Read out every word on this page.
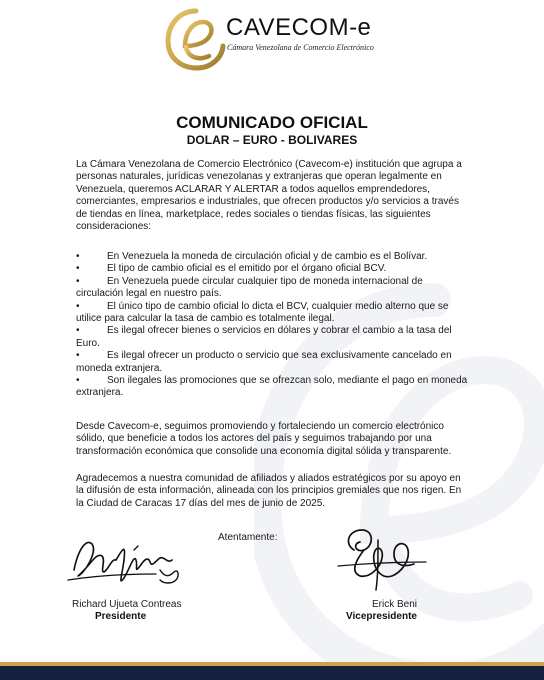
CAVECOM-e
Cámara Venezolana de Comercio Electrónico
COMUNICADO OFICIAL
DOLAR – EURO - BOLIVARES

La Cámara Venezolana de Comercio Electrónico (Cavecom-e) institución que agrupa a personas naturales, jurídicas venezolanas y extranjeras que operan legalmente en Venezuela, queremos ACLARAR Y ALERTAR a todos aquellos emprendedores, comerciantes, empresarios e industriales, que ofrecen productos y/o servicios a través de tiendas en línea, marketplace, redes sociales o tiendas físicas, las siguientes consideraciones:

•	En Venezuela la moneda de circulación oficial y de cambio es el Bolívar.
•	El tipo de cambio oficial es el emitido por el órgano oficial BCV.
•	En Venezuela puede circular cualquier tipo de moneda internacional de circulación legal en nuestro país.
•	El único tipo de cambio oficial lo dicta el BCV, cualquier medio alterno que se utilice para calcular la tasa de cambio es totalmente ilegal.
•	Es ilegal ofrecer bienes o servicios en dólares y cobrar el cambio a la tasa del Euro.
•	Es ilegal ofrecer un producto o servicio que sea exclusivamente cancelado en moneda extranjera.
•	Son ilegales las promociones que se ofrezcan solo, mediante el pago en moneda extranjera.

Desde Cavecom-e, seguimos promoviendo y fortaleciendo un comercio electrónico sólido, que beneficie a todos los actores del país y seguimos trabajando por una transformación económica que consolide una economía digital sólida y transparente.

Agradecemos a nuestra comunidad de afiliados y aliados estratégicos por su apoyo en la difusión de esta información, alineada con los principios gremiales que nos rigen. En la Ciudad de Caracas 17 días del mes de junio de 2025.

Atentamente:
Richard Ujueta Contreas
Presidente
Erick Beni
Vicepresidente
